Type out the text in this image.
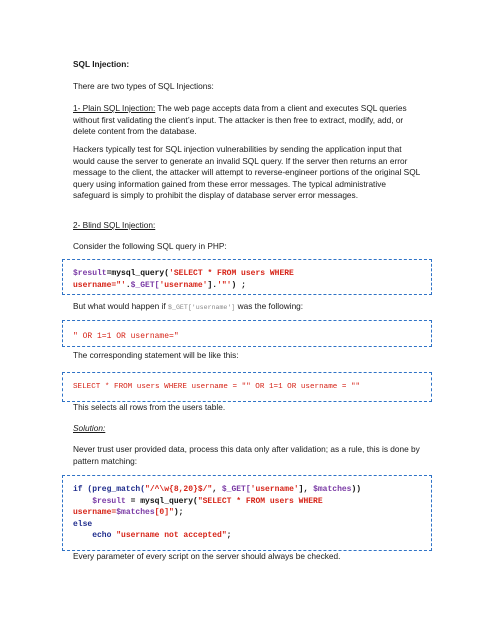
SQL Injection:

There are two types of SQL Injections:

1- Plain SQL Injection: The web page accepts data from a client and executes SQL queries without first validating the client’s input. The attacker is then free to extract, modify, add, or delete content from the database.

Hackers typically test for SQL injection vulnerabilities by sending the application input that would cause the server to generate an invalid SQL query. If the server then returns an error message to the client, the attacker will attempt to reverse-engineer portions of the original SQL query using information gained from these error messages. The typical administrative safeguard is simply to prohibit the display of database server error messages.

2- Blind SQL Injection:

Consider the following SQL query in PHP:

$result=mysql_query('SELECT * FROM users WHERE
username="'.$_GET['username'].'"') ;

But what would happen if $_GET['username'] was the following:

" OR 1=1 OR username="

The corresponding statement will be like this:

SELECT * FROM users WHERE username = "" OR 1=1 OR username = ""

This selects all rows from the users table.

Solution:

Never trust user provided data, process this data only after validation; as a rule, this is done by pattern matching:

if (preg_match("/^\w{8,20}$/", $_GET['username'], $matches))
$result = mysql_query("SELECT * FROM users WHERE
username=$matches[0]");
else
echo "username not accepted";

Every parameter of every script on the server should always be checked.
